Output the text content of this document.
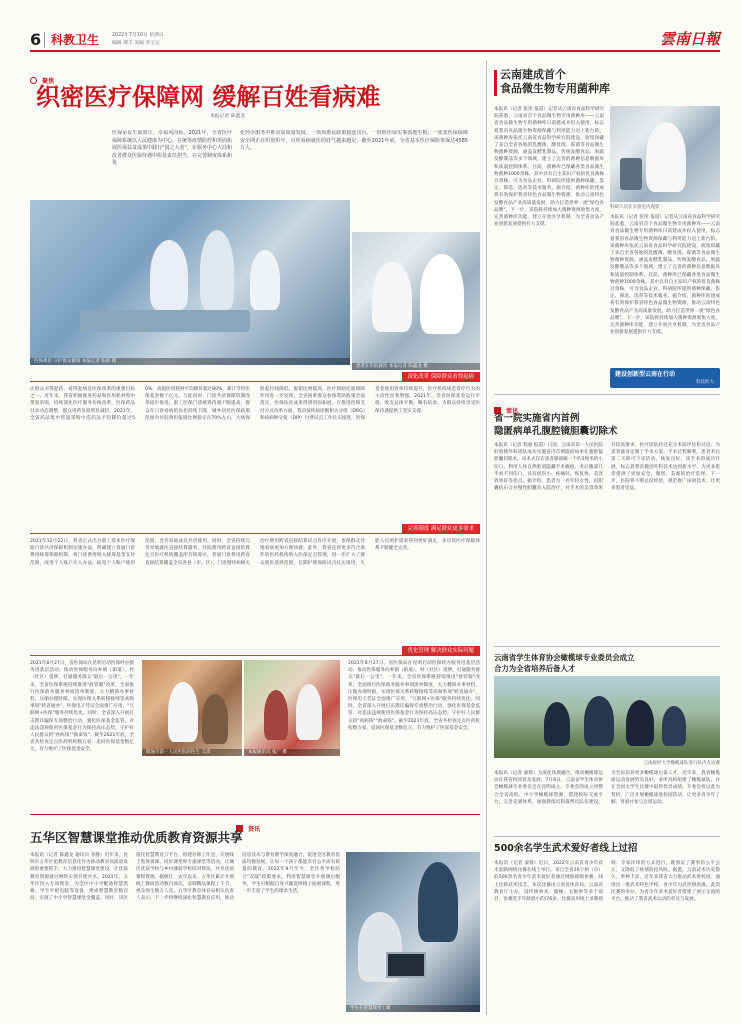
6 科教卫生	2022年7月10日 星期日
编辑 谭丰 美编 李宝元	雲南日報
聚焦
织密医疗保障网 缓解百姓看病难
本报记者 陈鑫龙
医保是民生温度计、幸福风向标。2021年，全省医疗保障系统以人民健康为中心，在统筹疫情防控和巩固拓展医保扶贫成果中践行"国之大者"，在服务中心大局和改善群众医保待遇中彰显责任担当，在完善制度体系和优
化经办服务中推动高质量发展。一项项惠民政策接连出台，一桩桩医保实事落地生根，一张张医保保障安全网正在织密织牢，百姓看病就医的底气越来越足，截至2021年底，全省基本医疗保险参保达4585万人。
医保惠民 守护群众健康 本报记者 张彤 摄
患者在医院就医 本报记者 陈鑫龙 摄
深化改革 保障群众看得起病
让群众买得起药、看得起病是医保改革的重要目标之一。近年来，我省积极推进药品和医用耗材集中带量采购，持续深化医疗服务价格改革，医保药品目录动态调整，群众用药负担明显减轻。2021年，全省药品集中带量采购中选药品平均降价超过50%，高值医用耗材平均降价超过80%，累计节约医保基金数十亿元。与此同时，门诊共济保障机制改革稳步推进，职工医保门诊统筹待遇不断提高，群众在门诊看病的负担持续下降，城乡居民医保政策范围内住院费用报销比例稳定在70%左右，大病保险起付线降低、报销比例提高，医疗救助托底保障作用进一步发挥，全省困难群众参保资助政策全面落实，医保扶贫成果得到巩固拓展。在推进医保支付方式改革方面，我省按疾病诊断相关分组（DRG）和按病种分值（DIP）付费试点工作扎实推进，医保基金使用效率持续提升，医疗机构规范诊疗行为的主动性显著增强。2021年，全省医保基金运行平稳，收支总体平衡，略有结余，为群众持续享受医保待遇提供了坚实支撑。
完善制度 满足群众更多需求
2021年12月22日，我省正式出台职工基本医疗保险门诊共济保障机制实施办法，明确建立普通门诊费用统筹保障机制，将门诊费用纳入统筹基金支付范围，改进个人账户计入办法，拓宽个人账户使用范围，允许家庭成员共济使用。同时，全省持续完善异地就医直接结算服务，住院费用跨省直接结算定点医疗机构覆盖所有统筹区，普通门诊费用跨省直接结算覆盖全省各县（市、区），门诊慢特病相关治疗费用跨省直接结算试点有序开展，参保群众异地看病更加方便快捷。此外，我省还将更多符合条件的医药机构纳入医保定点管理，进一步扩大了群众就医选择范围，长期护理保险试点扎实推进，失能人员照护需求得到更好满足，多层次医疗保障体系不断健全完善。
优化管理 解决群众实际问题
2021年8月27日，省医保局在昆明启动医保经办服务进基层活动，推动医保服务向乡镇（街道）、村（社区）延伸，打通服务群众"最后一公里"。一年来，全省医保系统持续推进"放管服"改革，全面推行医保政务服务事项清单制度，大力精简办事材料，压缩办理时限，实现医保关系转移接续等高频事项"跨省通办"，医保电子凭证全面推广应用，"互联网+医保"服务持续优化。同时，全省深入开展打击欺诈骗保专项整治行动，强化医保基金监管，对违法违规使用医保基金行为保持高压态势，守护好人民群众的"看病钱""救命钱"。截至2021年底，全省共检查定点医药机构数万家，追回医保基金数亿元，有力维护了医保基金安全。
昭通市第一人民医院的医生 义诊	本报通讯员 张广 摄
2021年8月27日，省医保局在昆明启动医保经办服务进基层活动，推动医保服务向乡镇（街道）、村（社区）延伸，打通服务群众"最后一公里"。一年来，全省医保系统持续推进"放管服"改革，全面推行医保政务服务事项清单制度，大力精简办事材料，压缩办理时限，实现医保关系转移接续等高频事项"跨省通办"，医保电子凭证全面推广应用，"互联网+医保"服务持续优化。同时，全省深入开展打击欺诈骗保专项整治行动，强化医保基金监管，对违法违规使用医保基金行为保持高压态势，守护好人民群众的"看病钱""救命钱"。截至2021年底，全省共检查定点医药机构数万家，追回医保基金数亿元，有力维护了医保基金安全。
云南建成首个
食品微生物专用菌种库
本报讯（记者 张彤 报道）记者从云南省食品科学研究院获悉，云南省首个食品微生物专用菌种库——云南省食品微生物专用菌种库日前建成并投入使用，标志着我省食品微生物资源保藏与利用能力迈上新台阶。该菌种库依托云南省食品科学研究院建设，收集保藏了来自全省各地的乳酸菌、酵母菌、霉菌等食品微生物菌种资源，涵盖发酵乳制品、传统发酵食品、果蔬发酵制品等多个领域，建立了完善的菌种信息数据库和质量控制体系。目前，菌种库已保藏各类食品微生物菌种1000余株，其中具有自主知识产权的优良菌株百余株，可为食品企业、科研院所提供菌种保藏、鉴定、筛选、选育等技术服务。据介绍，菌种库的建成将有效保护我省特色食品微生物资源，推动云南特色发酵食品产业高质量发展，助力打造世界一流"绿色食品牌"。下一步，该院将持续加大菌种资源收集力度，完善菌种库功能，建立开放共享机制，为全省食品产业创新发展提供有力支撑。
科研人员在实验室内观察
本报讯（记者 张彤 报道）记者从云南省食品科学研究院获悉，云南省首个食品微生物专用菌种库——云南省食品微生物专用菌种库日前建成并投入使用，标志着我省食品微生物资源保藏与利用能力迈上新台阶。该菌种库依托云南省食品科学研究院建设，收集保藏了来自全省各地的乳酸菌、酵母菌、霉菌等食品微生物菌种资源，涵盖发酵乳制品、传统发酵食品、果蔬发酵制品等多个领域，建立了完善的菌种信息数据库和质量控制体系。目前，菌种库已保藏各类食品微生物菌种1000余株，其中具有自主知识产权的优良菌株百余株，可为食品企业、科研院所提供菌种保藏、鉴定、筛选、选育等技术服务。据介绍，菌种库的建成将有效保护我省特色食品微生物资源，推动云南特色发酵食品产业高质量发展，助力打造世界一流"绿色食品牌"。下一步，该院将持续加大菌种资源收集力度，完善菌种库功能，建立开放共享机制，为全省食品产业创新发展提供有力支撑。
建设创新型云南在行动
科技助力
简讯
省一院实施省内首例
隐匿病单孔腹腔镜胆囊切除术
本报讯（记者 程嘉 报道）日前，云南省第一人民医院肝胆胰外科团队成功实施省内首例隐匿病单孔腹腔镜胆囊切除术。该术式仅在患者脐部做一个约2厘米的小切口，利用人体自然腔道隐藏手术瘢痕，术后腹部几乎看不到伤口，具有创伤小、疼痛轻、恢复快、美容效果好等优点。据介绍，患者为一名年轻女性，因胆囊结石合并慢性胆囊炎入院治疗，对手术的美容效果有较高要求。医疗团队经过充分术前评估和讨论，为患者量身定制了手术方案，手术过程顺利，患者术后第二天即可下床活动，恢复良好。该手术的成功开展，标志着我省微创外科技术达到新水平，为更多患者提供了更加安全、微创、美观的治疗选择。下一步，医院将不断总结经验，规范推广该项技术，让更多患者受益。
云南省学生体育协会橄榄球专业委员会成立
合力为全省培养后备人才
云南财经大学橄榄球队进行队内友谊赛
本报讯（记者 秦蓉）为深化体教融合，推动橄榄球运动在我省校园普及发展，7月6日，云南省学生体育协会橄榄球专业委员会在昆明成立。专委会的成立将整合全省高校、中小学橄榄球资源，搭建校际交流平台，完善竞赛体系，加强教练员和裁判员队伍建设，为全省培养更多橄榄球后备人才。近年来，我省橄榄球运动发展势头良好，多所高校组建了橄榄球队，并在全国大学生比赛中取得优异成绩。专委会将以此为契机，广泛开展橄榄球进校园活动，让更多青少年了解、喜爱并参与这项运动。
500余名学生武术爱好者线上过招
本报讯（记者 秦蓉）近日，2022年云南省青少年武术套路网络比赛在线上举行，来自全省16个州（市）的500余名青少年武术爱好者通过网络视频参赛，线上比拼武术技艺。本次比赛由云南省体育局、云南省教育厅主办，设传统拳术、器械、太极拳等多个项目，参赛选手年龄最小的仅6岁。比赛采用线上录制视频、专家评审的方式进行，既保证了赛事的公平公正，又降低了疫情防控风险。据悉，云南武术历史悠久，拳种丰富，近年来我省大力推动武术进校园，涌现出一批武术特色学校，青少年习武热情高涨。此次比赛的举办，为青少年武术爱好者搭建了展示交流的平台，推动了我省武术运动的普及与发展。
资讯
五华区智慧课堂推动优质教育资源共享
本报讯（记者 陈鑫龙 通讯员 李静）近年来，昆明市五华区把教育信息化作为推动教育高质量发展的重要抓手，大力推进智慧课堂建设，让优质教育资源通过网络实现共建共享。2021年，五华区投入专项资金，为全区中小学配备智慧黑板、学生平板电脑等设备，建成智慧教室数百间，实现了中小学智慧课堂全覆盖。同时，该区依托智慧教育云平台，组建名师工作室，开展线上集体备课、同步课堂和专递课堂等活动，让城区优质学校与乡村薄弱学校结对帮扶，共享优质课程资源。据统计，去年以来，五华区累计开展线上教研活动数百场次，录制精品课程上千节，惠及师生数万人次。五华区教育体育局相关负责人表示，下一步将继续深化智慧教育应用，推动信息技术与教育教学深度融合，促进全区教育优质均衡发展，让每一个孩子都能享有公平而有质量的教育。2022年9月至今，全区各学校结合"双减"政策要求，利用智慧课堂开展课后服务，学生可根据自身兴趣选择线上拓展课程，进一步丰富了学生的课余生活。
学生在智慧课堂上课
